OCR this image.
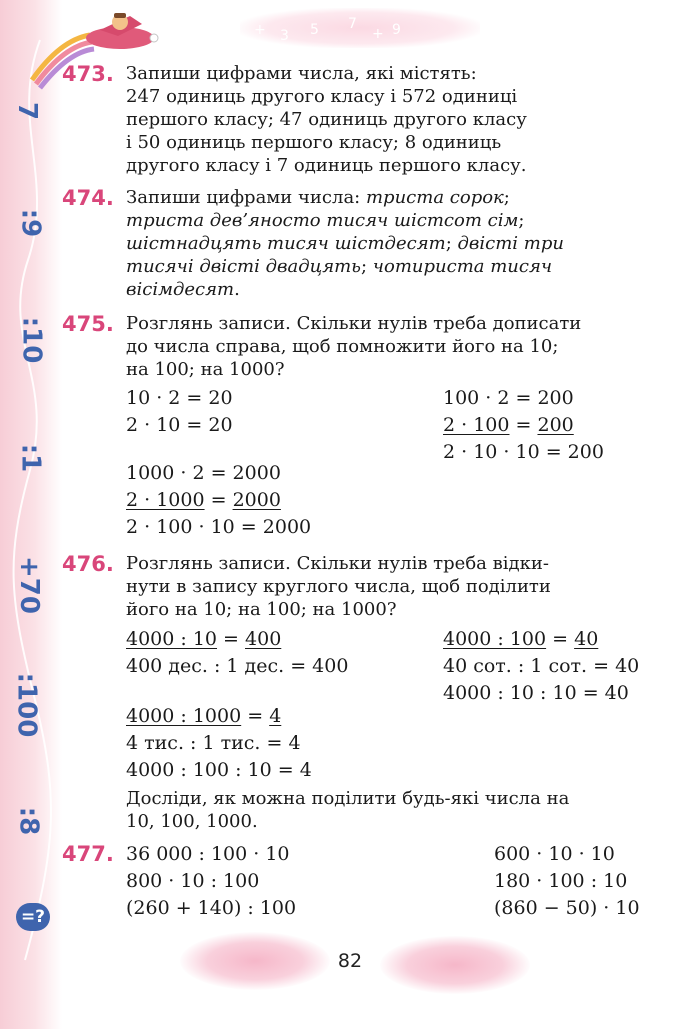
7
:9
:10
:1
+70
:100
:8
=?
+ 3 5 7
+ 9
473. Запиши цифрами числа, які містять:
247 одиниць другого класу і 572 одиниці
першого класу; 47 одиниць другого класу
і 50 одиниць першого класу; 8 одиниць
другого класу і 7 одиниць першого класу.
474. Запиши цифрами числа: триста сорок;
триста дев’яносто тисяч шістсот сім;
шістнадцять тисяч шістдесят; двісті три
тисячі двісті двадцять; чотириста тисяч
вісімдесят.
475. Розглянь записи. Скільки нулів треба дописати
до числа справа, щоб помножити його на 10;
на 100; на 1000?
10 · 2 = 20
2 · 10 = 20
100 · 2 = 200
2 · 100 = 200
2 · 10 · 10 = 200
1000 · 2 = 2000
2 · 1000 = 2000
2 · 100 · 10 = 2000
476. Розглянь записи. Скільки нулів треба відки-
нути в запису круглого числа, щоб поділити
його на 10; на 100; на 1000?
4000 : 10 = 400
400 дес. : 1 дес. = 400
4000 : 100 = 40
40 сот. : 1 сот. = 40
4000 : 10 : 10 = 40
4000 : 1000 = 4
4 тис. : 1 тис. = 4
4000 : 100 : 10 = 4
Досліди, як можна поділити будь-які числа на
10, 100, 1000.
477. 36 000 : 100 · 10
800 · 10 : 100
(260 + 140) : 100
600 · 10 · 10
180 · 100 : 10
(860 − 50) · 10
82
